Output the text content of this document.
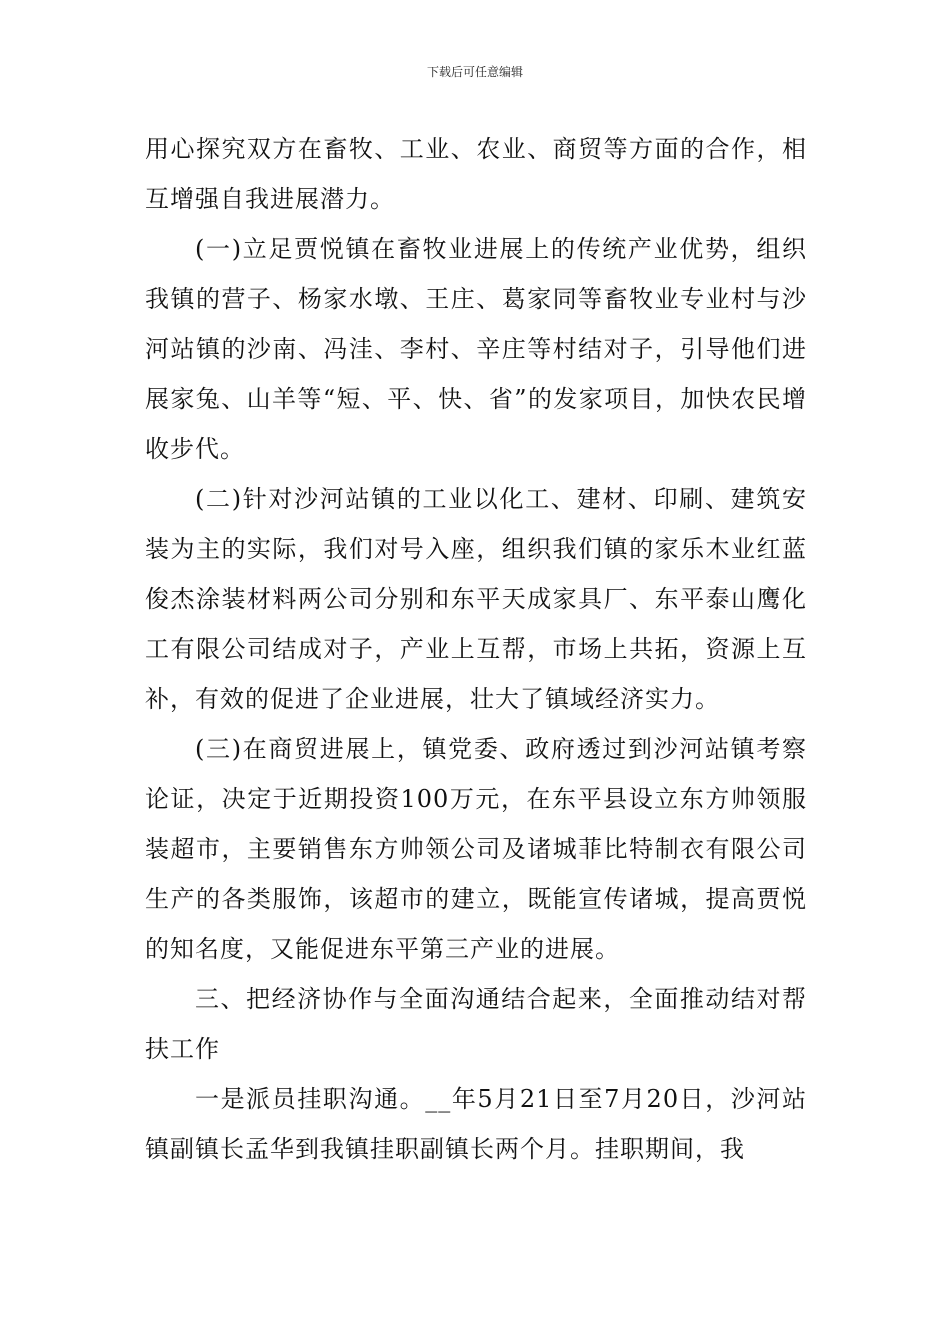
下载后可任意编辑

用心探究双方在畜牧、工业、农业、商贸等方面的合作，相互增强自我进展潜力。

(一)立足贾悦镇在畜牧业进展上的传统产业优势，组织我镇的营子、杨家水墩、王庄、葛家同等畜牧业专业村与沙河站镇的沙南、冯洼、李村、辛庄等村结对子，引导他们进展家兔、山羊等“短、平、快、省”的发家项目，加快农民增收步代。

(二)针对沙河站镇的工业以化工、建材、印刷、建筑安装为主的实际，我们对号入座，组织我们镇的家乐木业红蓝俊杰涂装材料两公司分别和东平天成家具厂、东平泰山鹰化工有限公司结成对子，产业上互帮，市场上共拓，资源上互补，有效的促进了企业进展，壮大了镇域经济实力。

(三)在商贸进展上，镇党委、政府透过到沙河站镇考察论证，决定于近期投资100万元，在东平县设立东方帅领服装超市，主要销售东方帅领公司及诸城菲比特制衣有限公司生产的各类服饰，该超市的建立，既能宣传诸城，提高贾悦的知名度，又能促进东平第三产业的进展。

三、把经济协作与全面沟通结合起来，全面推动结对帮扶工作

一是派员挂职沟通。__年5月21日至7月20日，沙河站镇副镇长孟华到我镇挂职副镇长两个月。挂职期间，我
